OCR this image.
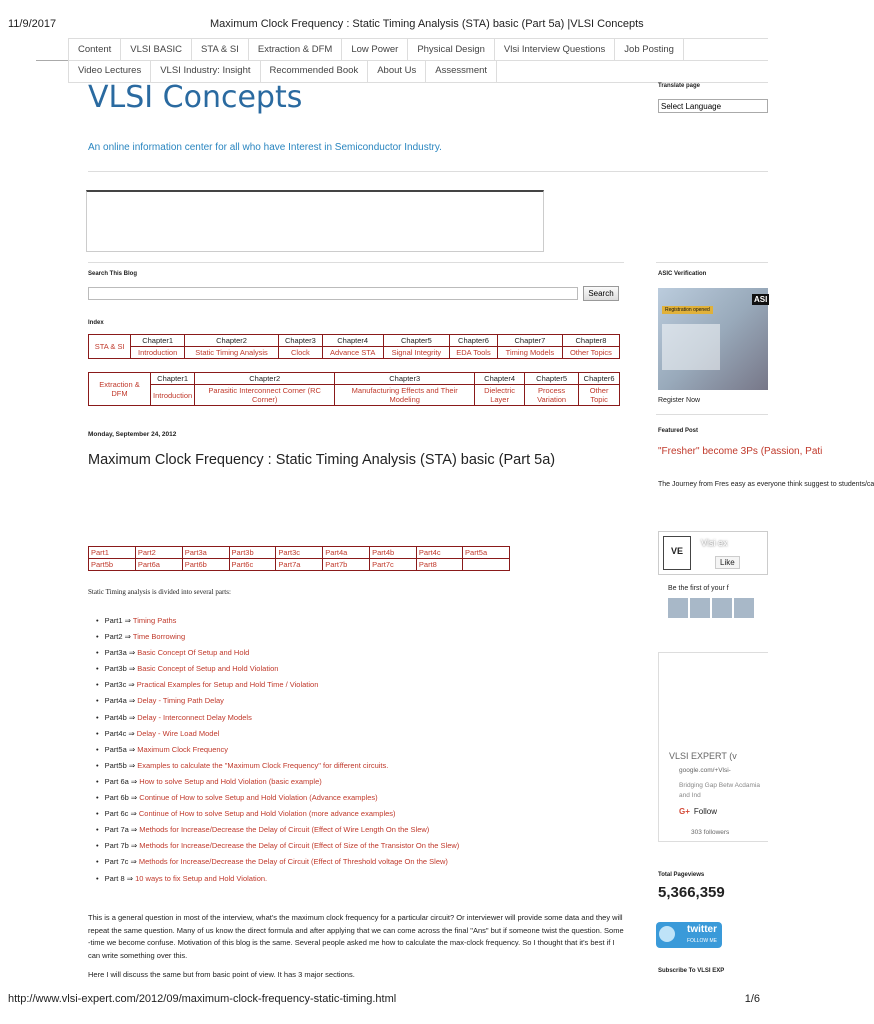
11/9/2017	Maximum Clock Frequency : Static Timing Analysis (STA) basic (Part 5a) |VLSI Concepts
Content	VLSI BASIC	STA & SI	Extraction & DFM	Low Power	Physical Design	Vlsi Interview Questions	Job Posting
Video Lectures	VLSI Industry: Insight	Recommended Book	About Us	Assessment
VLSI Concepts	Translate page
Select Language
An online information center for all who have Interest in Semiconductor Industry.
Search This Blog
Search
Index
STA & SI	Chapter1	Chapter2	Chapter3	Chapter4	Chapter5	Chapter6	Chapter7	Chapter8
	Introduction	Static Timing Analysis	Clock	Advance STA	Signal Integrity	EDA Tools	Timing Models	Other Topics
Extraction & DFM	Chapter1	Chapter2	Chapter3	Chapter4	Chapter5	Chapter6
	Introduction	Parasitic Interconnect Corner (RC Corner)	Manufacturing Effects and Their Modeling	Dielectric Layer	Process Variation	Other Topic
Monday, September 24, 2012
Maximum Clock Frequency : Static Timing Analysis (STA) basic (Part 5a)
Part1	Part2	Part3a	Part3b	Part3c	Part4a	Part4b	Part4c	Part5a
Part5b	Part6a	Part6b	Part6c	Part7a	Part7b	Part7c	Part8	
Static Timing analysis is divided into several parts:
• Part1 ⇒ Timing Paths
• Part2 ⇒ Time Borrowing
• Part3a ⇒ Basic Concept Of Setup and Hold
• Part3b ⇒ Basic Concept of Setup and Hold Violation
• Part3c ⇒ Practical Examples for Setup and Hold Time / Violation
• Part4a ⇒ Delay - Timing Path Delay
• Part4b ⇒ Delay - Interconnect Delay Models
• Part4c ⇒ Delay - Wire Load Model
• Part5a ⇒ Maximum Clock Frequency
• Part5b ⇒ Examples to calculate the "Maximum Clock Frequency" for different circuits.
• Part 6a ⇒ How to solve Setup and Hold Violation (basic example)
• Part 6b ⇒ Continue of How to solve Setup and Hold Violation (Advance examples)
• Part 6c ⇒ Continue of How to solve Setup and Hold Violation (more advance examples)
• Part 7a ⇒ Methods for Increase/Decrease the Delay of Circuit (Effect of Wire Length On the Slew)
• Part 7b ⇒ Methods for Increase/Decrease the Delay of Circuit (Effect of Size of the Transistor On the Slew)
• Part 7c ⇒ Methods for Increase/Decrease the Delay of Circuit (Effect of Threshold voltage On the Slew)
• Part 8 ⇒ 10 ways to fix Setup and Hold Violation.
This is a general question in most of the interview, what's the maximum clock frequency for a particular circuit? Or interviewer will provide some data and they will repeat the same question. Many of us know the direct formula and after applying that we can come across the final "Ans" but if someone twist the question. Some -time we become confuse. Motivation of this blog is the same. Several people asked me how to calculate the max-clock frequency. So I thought that it's best if I can write something over this.
Here I will discuss the same but from basic point of view. It has 3 major sections.
ASIC Verification
Registration opened
ASI
Register Now
Featured Post
"Fresher" become 3Ps (Passion, Pati
The Journey from Fres easy as everyone think suggest to students/ca
VE
Vlsi ex
Like
Be the first of your f
VLSI EXPERT (v
google.com/+Vlsi-
Bridging Gap Betw Acdamia and Ind
G+ Follow
303 followers
Total Pageviews
5,366,359
twitter
FOLLOW ME
Subscribe To VLSI EXP
http://www.vlsi-expert.com/2012/09/maximum-clock-frequency-static-timing.html	1/6
